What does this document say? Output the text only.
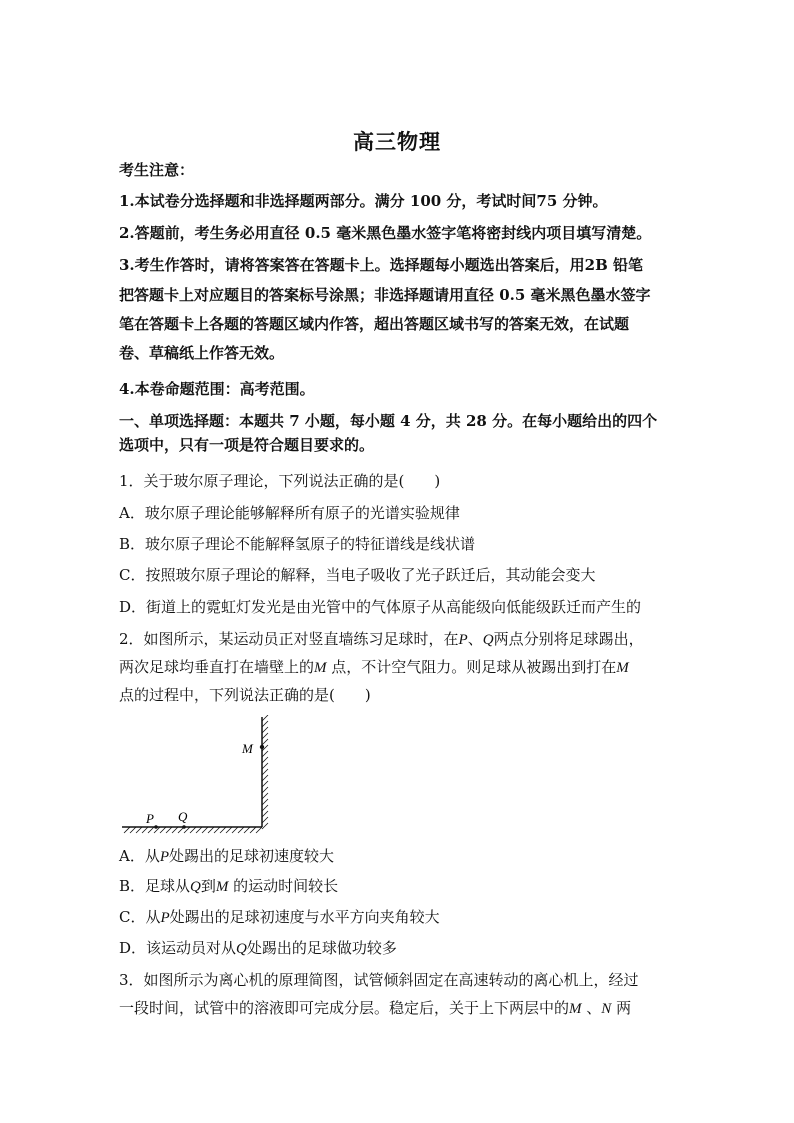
高三物理
考生注意：
1.本试卷分选择题和非选择题两部分。满分 100 分，考试时间75 分钟。
2.答题前，考生务必用直径 0.5 毫米黑色墨水签字笔将密封线内项目填写清楚。
3.考生作答时，请将答案答在答题卡上。选择题每小题选出答案后，用2B 铅笔
把答题卡上对应题目的答案标号涂黑；非选择题请用直径 0.5 毫米黑色墨水签字
笔在答题卡上各题的答题区域内作答，超出答题区域书写的答案无效，在试题
卷、草稿纸上作答无效。
4.本卷命题范围：高考范围。
一、单项选择题：本题共 7 小题，每小题 4 分，共 28 分。在每小题给出的四个
选项中，只有一项是符合题目要求的。
1．关于玻尔原子理论，下列说法正确的是(　　)
A．玻尔原子理论能够解释所有原子的光谱实验规律
B．玻尔原子理论不能解释氢原子的特征谱线是线状谱
C．按照玻尔原子理论的解释，当电子吸收了光子跃迁后，其动能会变大
D．街道上的霓虹灯发光是由光管中的气体原子从高能级向低能级跃迁而产生的
2．如图所示，某运动员正对竖直墙练习足球时，在P、Q两点分别将足球踢出，
两次足球均垂直打在墙壁上的M 点，不计空气阻力。则足球从被踢出到打在M
点的过程中，下列说法正确的是(　　)
M
P Q
A．从P处踢出的足球初速度较大
B．足球从Q到M 的运动时间较长
C．从P处踢出的足球初速度与水平方向夹角较大
D．该运动员对从Q处踢出的足球做功较多
3．如图所示为离心机的原理简图，试管倾斜固定在高速转动的离心机上，经过
一段时间，试管中的溶液即可完成分层。稳定后，关于上下两层中的M 、N 两
